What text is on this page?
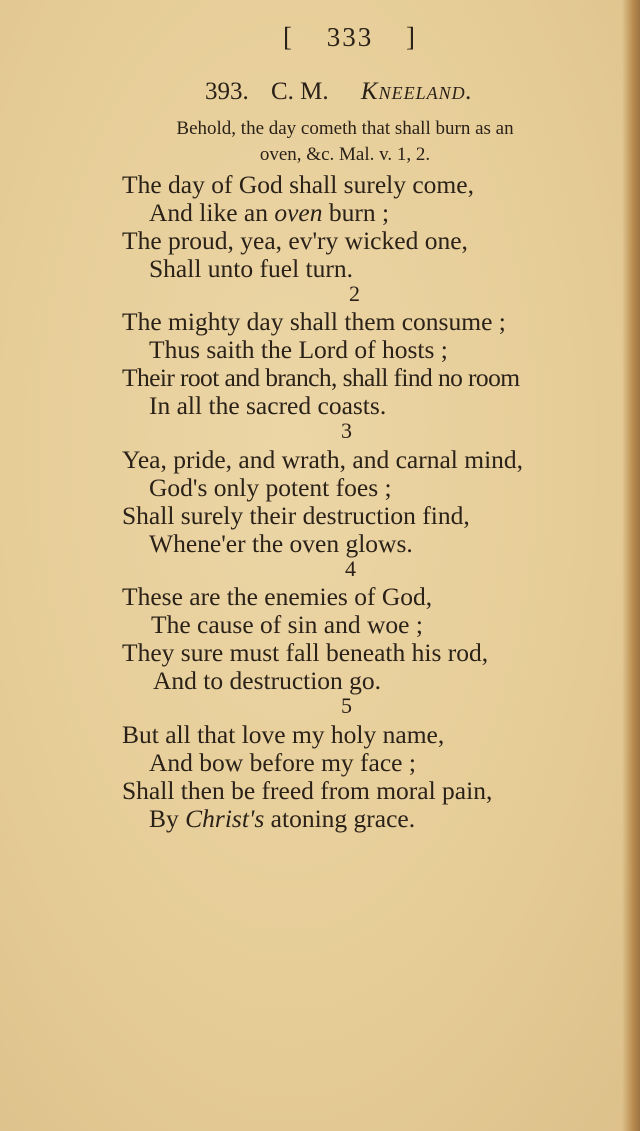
[ 333 ]
393. C. M. Kneeland.
Behold, the day cometh that shall burn as an
oven, &c. Mal. v. 1, 2.
The day of God shall surely come,
And like an oven burn ;
The proud, yea, ev'ry wicked one,
Shall unto fuel turn.
2
The mighty day shall them consume ;
Thus saith the Lord of hosts ;
Their root and branch, shall find no room
In all the sacred coasts.
3
Yea, pride, and wrath, and carnal mind,
God's only potent foes ;
Shall surely their destruction find,
Whene'er the oven glows.
4
These are the enemies of God,
The cause of sin and woe ;
They sure must fall beneath his rod,
And to destruction go.
5
But all that love my holy name,
And bow before my face ;
Shall then be freed from moral pain,
By Christ's atoning grace.
